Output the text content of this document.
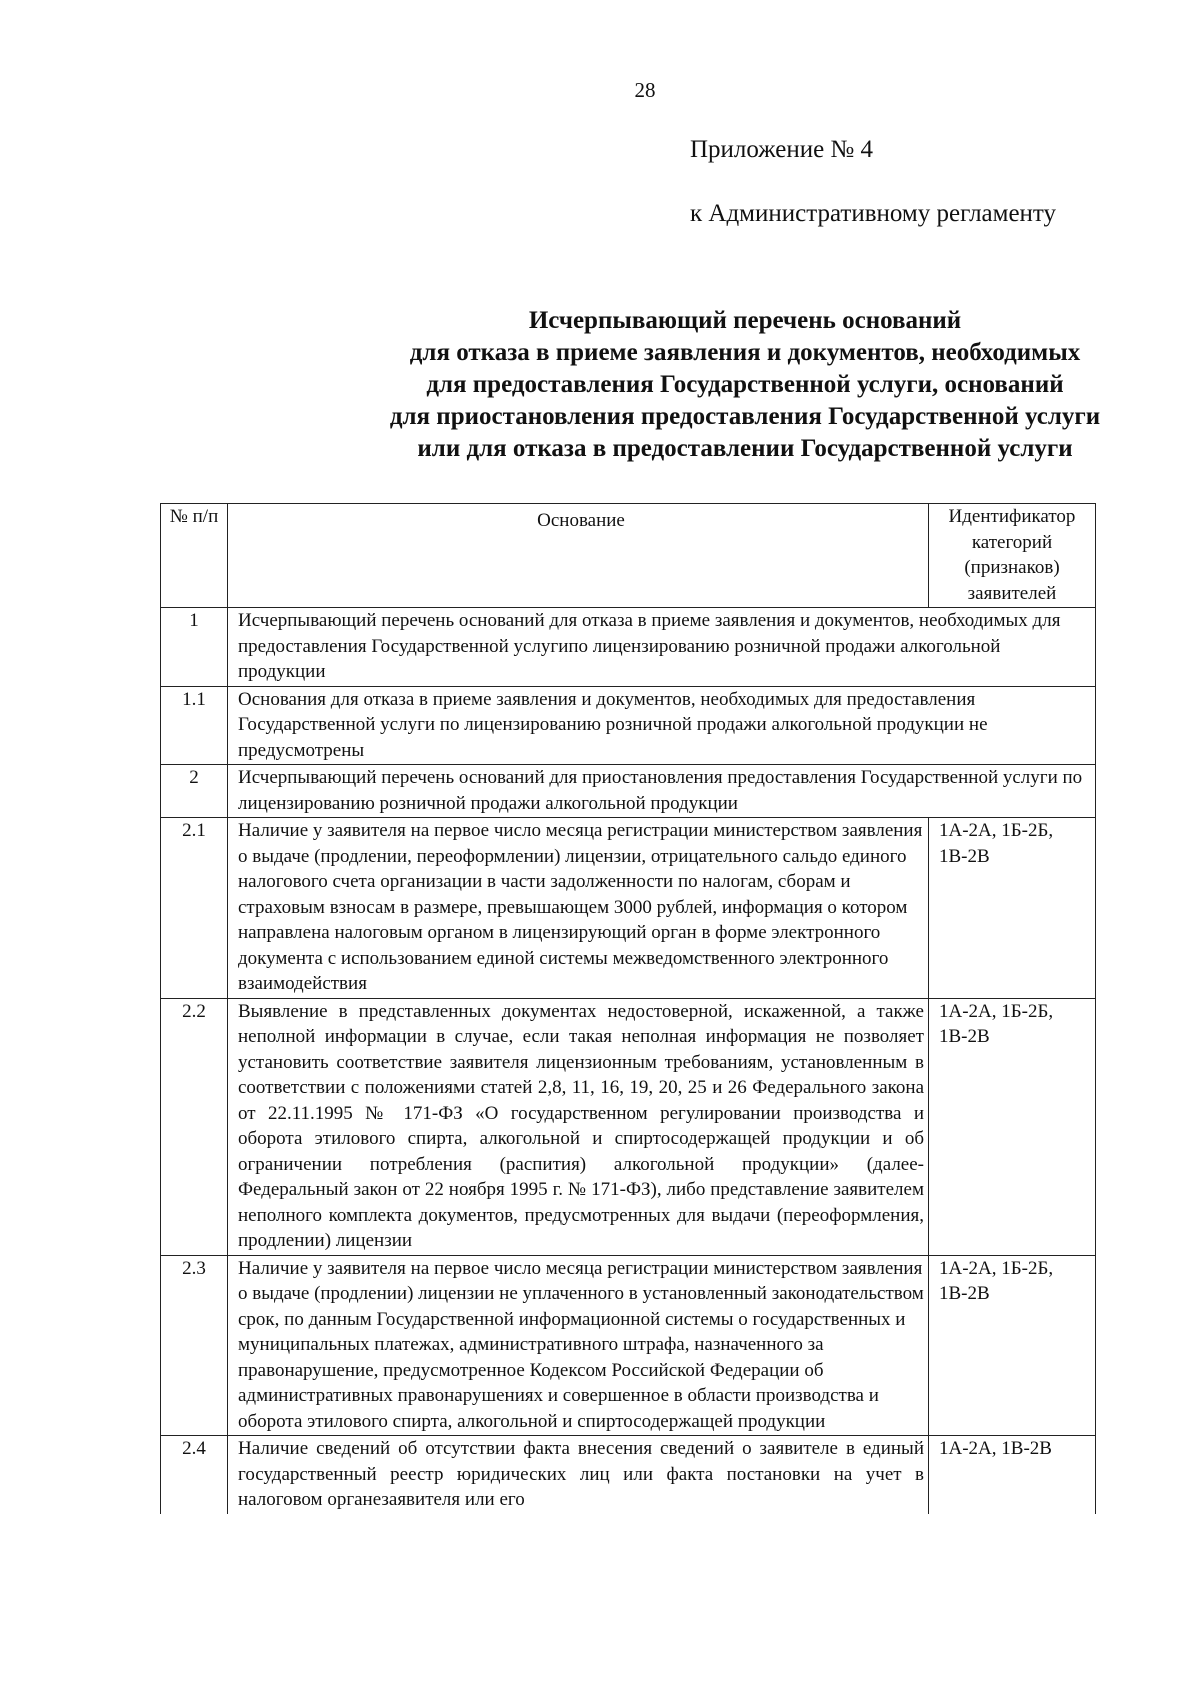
28
Приложение № 4
к Административному регламенту
Исчерпывающий перечень оснований
для отказа в приеме заявления и документов, необходимых
для предоставления Государственной услуги, оснований
для приостановления предоставления Государственной услуги
или для отказа в предоставлении Государственной услуги
№ п/п	Основание	Идентификатор категорий (признаков) заявителей
1	Исчерпывающий перечень оснований для отказа в приеме заявления и документов, необходимых для предоставления Государственной услугипо лицензированию розничной продажи алкогольной продукции	
1.1	Основания для отказа в приеме заявления и документов, необходимых для предоставления Государственной услуги по лицензированию розничной продажи алкогольной продукции не предусмотрены	
2	Исчерпывающий перечень оснований для приостановления предоставления Государственной услуги по лицензированию розничной продажи алкогольной продукции	
2.1	Наличие у заявителя на первое число месяца регистрации министерством заявления о выдаче (продлении, переоформлении) лицензии, отрицательного сальдо единого налогового счета организации в части задолженности по налогам, сборам и страховым взносам в размере, превышающем 3000 рублей, информация о котором направлена налоговым органом в лицензирующий орган в форме электронного документа с использованием единой системы межведомственного электронного взаимодействия	1А-2А, 1Б-2Б, 1В-2В
2.2	Выявление в представленных документах недостоверной, искаженной, а также неполной информации в случае, если такая неполная информация не позволяет установить соответствие заявителя лицензионным требованиям, установленным в соответствии с положениями статей 2,8, 11, 16, 19, 20, 25 и 26 Федерального закона от 22.11.1995 № 171-ФЗ «О государственном регулировании производства и оборота этилового спирта, алкогольной и спиртосодержащей продукции и об ограничении потребления (распития) алкогольной продукции» (далее- Федеральный закон от 22 ноября 1995 г. № 171-ФЗ), либо представление заявителем неполного комплекта документов, предусмотренных для выдачи (переоформления, продлении) лицензии	1А-2А, 1Б-2Б, 1В-2В
2.3	Наличие у заявителя на первое число месяца регистрации министерством заявления о выдаче (продлении) лицензии не уплаченного в установленный законодательством срок, по данным Государственной информационной системы о государственных и муниципальных платежах, административного штрафа, назначенного за правонарушение, предусмотренное Кодексом Российской Федерации об административных правонарушениях и совершенное в области производства и оборота этилового спирта, алкогольной и спиртосодержащей продукции	1А-2А, 1Б-2Б, 1В-2В
2.4	Наличие сведений об отсутствии факта внесения сведений о заявителе в единый государственный реестр юридических лиц или факта постановки на учет в налоговом органезаявителя или его	1А-2А, 1В-2В
